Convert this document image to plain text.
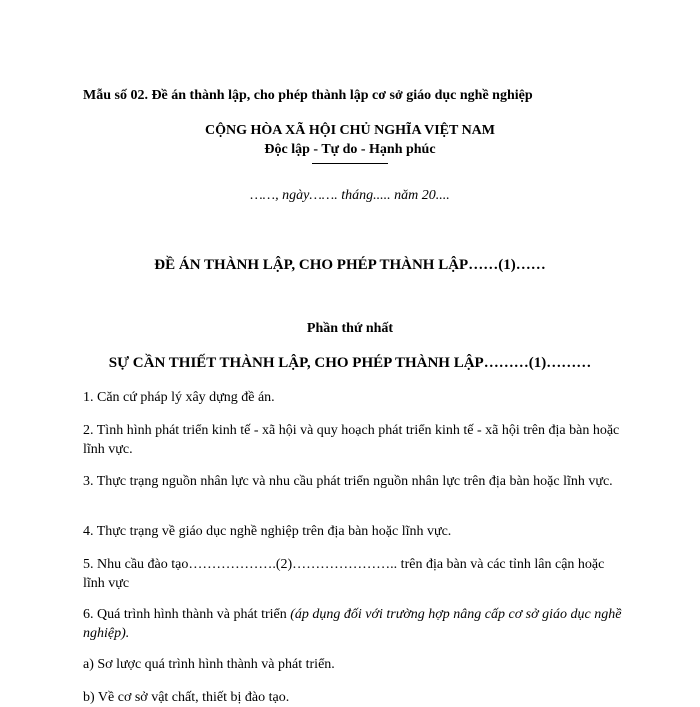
Mẫu số 02. Đề án thành lập, cho phép thành lập cơ sở giáo dục nghề nghiệp
CỘNG HÒA XÃ HỘI CHỦ NGHĨA VIỆT NAM
Độc lập - Tự do - Hạnh phúc
……, ngày……. tháng..... năm 20....
ĐỀ ÁN THÀNH LẬP, CHO PHÉP THÀNH LẬP……(1)……
Phần thứ nhất
SỰ CẦN THIẾT THÀNH LẬP, CHO PHÉP THÀNH LẬP………(1)………
1. Căn cứ pháp lý xây dựng đề án.
2. Tình hình phát triển kinh tế - xã hội và quy hoạch phát triển kinh tế - xã hội trên địa bàn hoặc lĩnh vực.
3. Thực trạng nguồn nhân lực và nhu cầu phát triển nguồn nhân lực trên địa bàn hoặc lĩnh vực.
4. Thực trạng về giáo dục nghề nghiệp trên địa bàn hoặc lĩnh vực.
5. Nhu cầu đào tạo……………….(2)………………….. trên địa bàn và các tỉnh lân cận hoặc lĩnh vực
6. Quá trình hình thành và phát triển (áp dụng đối với trường hợp nâng cấp cơ sở giáo dục nghề nghiệp).
a) Sơ lược quá trình hình thành và phát triển.
b) Về cơ sở vật chất, thiết bị đào tạo.
